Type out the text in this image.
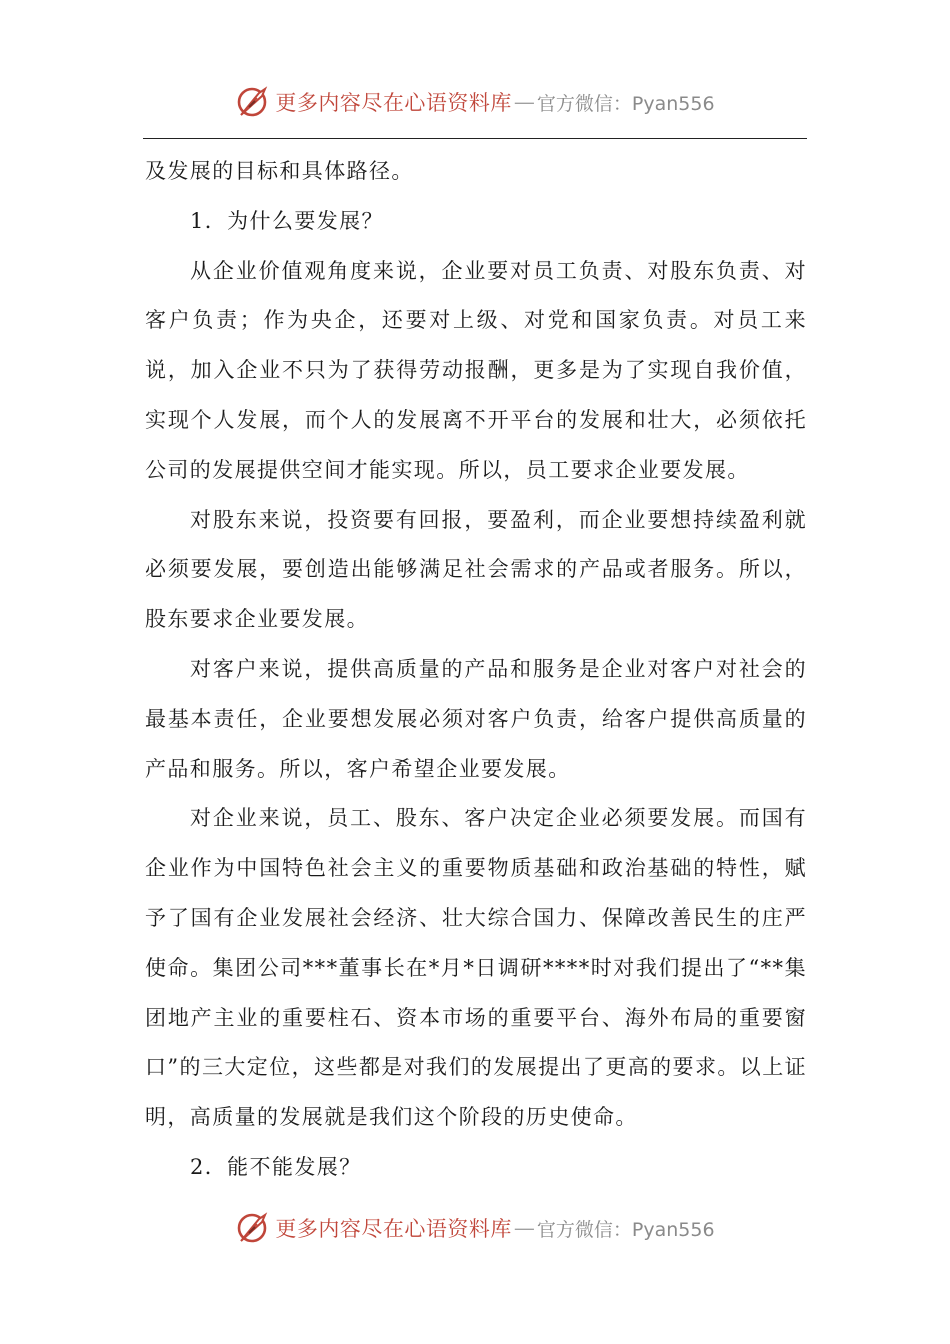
更多内容尽在心语资料库 — 官方微信：Pyan556

及发展的目标和具体路径。

1．为什么要发展？

从企业价值观角度来说，企业要对员工负责、对股东负责、对客户负责；作为央企，还要对上级、对党和国家负责。对员工来说，加入企业不只为了获得劳动报酬，更多是为了实现自我价值，实现个人发展，而个人的发展离不开平台的发展和壮大，必须依托公司的发展提供空间才能实现。所以，员工要求企业要发展。

对股东来说，投资要有回报，要盈利，而企业要想持续盈利就必须要发展，要创造出能够满足社会需求的产品或者服务。所以，股东要求企业要发展。

对客户来说，提供高质量的产品和服务是企业对客户对社会的最基本责任，企业要想发展必须对客户负责，给客户提供高质量的产品和服务。所以，客户希望企业要发展。

对企业来说，员工、股东、客户决定企业必须要发展。而国有企业作为中国特色社会主义的重要物质基础和政治基础的特性，赋予了国有企业发展社会经济、壮大综合国力、保障改善民生的庄严使命。集团公司***董事长在*月*日调研****时对我们提出了“**集团地产主业的重要柱石、资本市场的重要平台、海外布局的重要窗口”的三大定位，这些都是对我们的发展提出了更高的要求。以上证明，高质量的发展就是我们这个阶段的历史使命。

2．能不能发展？

更多内容尽在心语资料库 — 官方微信：Pyan556
